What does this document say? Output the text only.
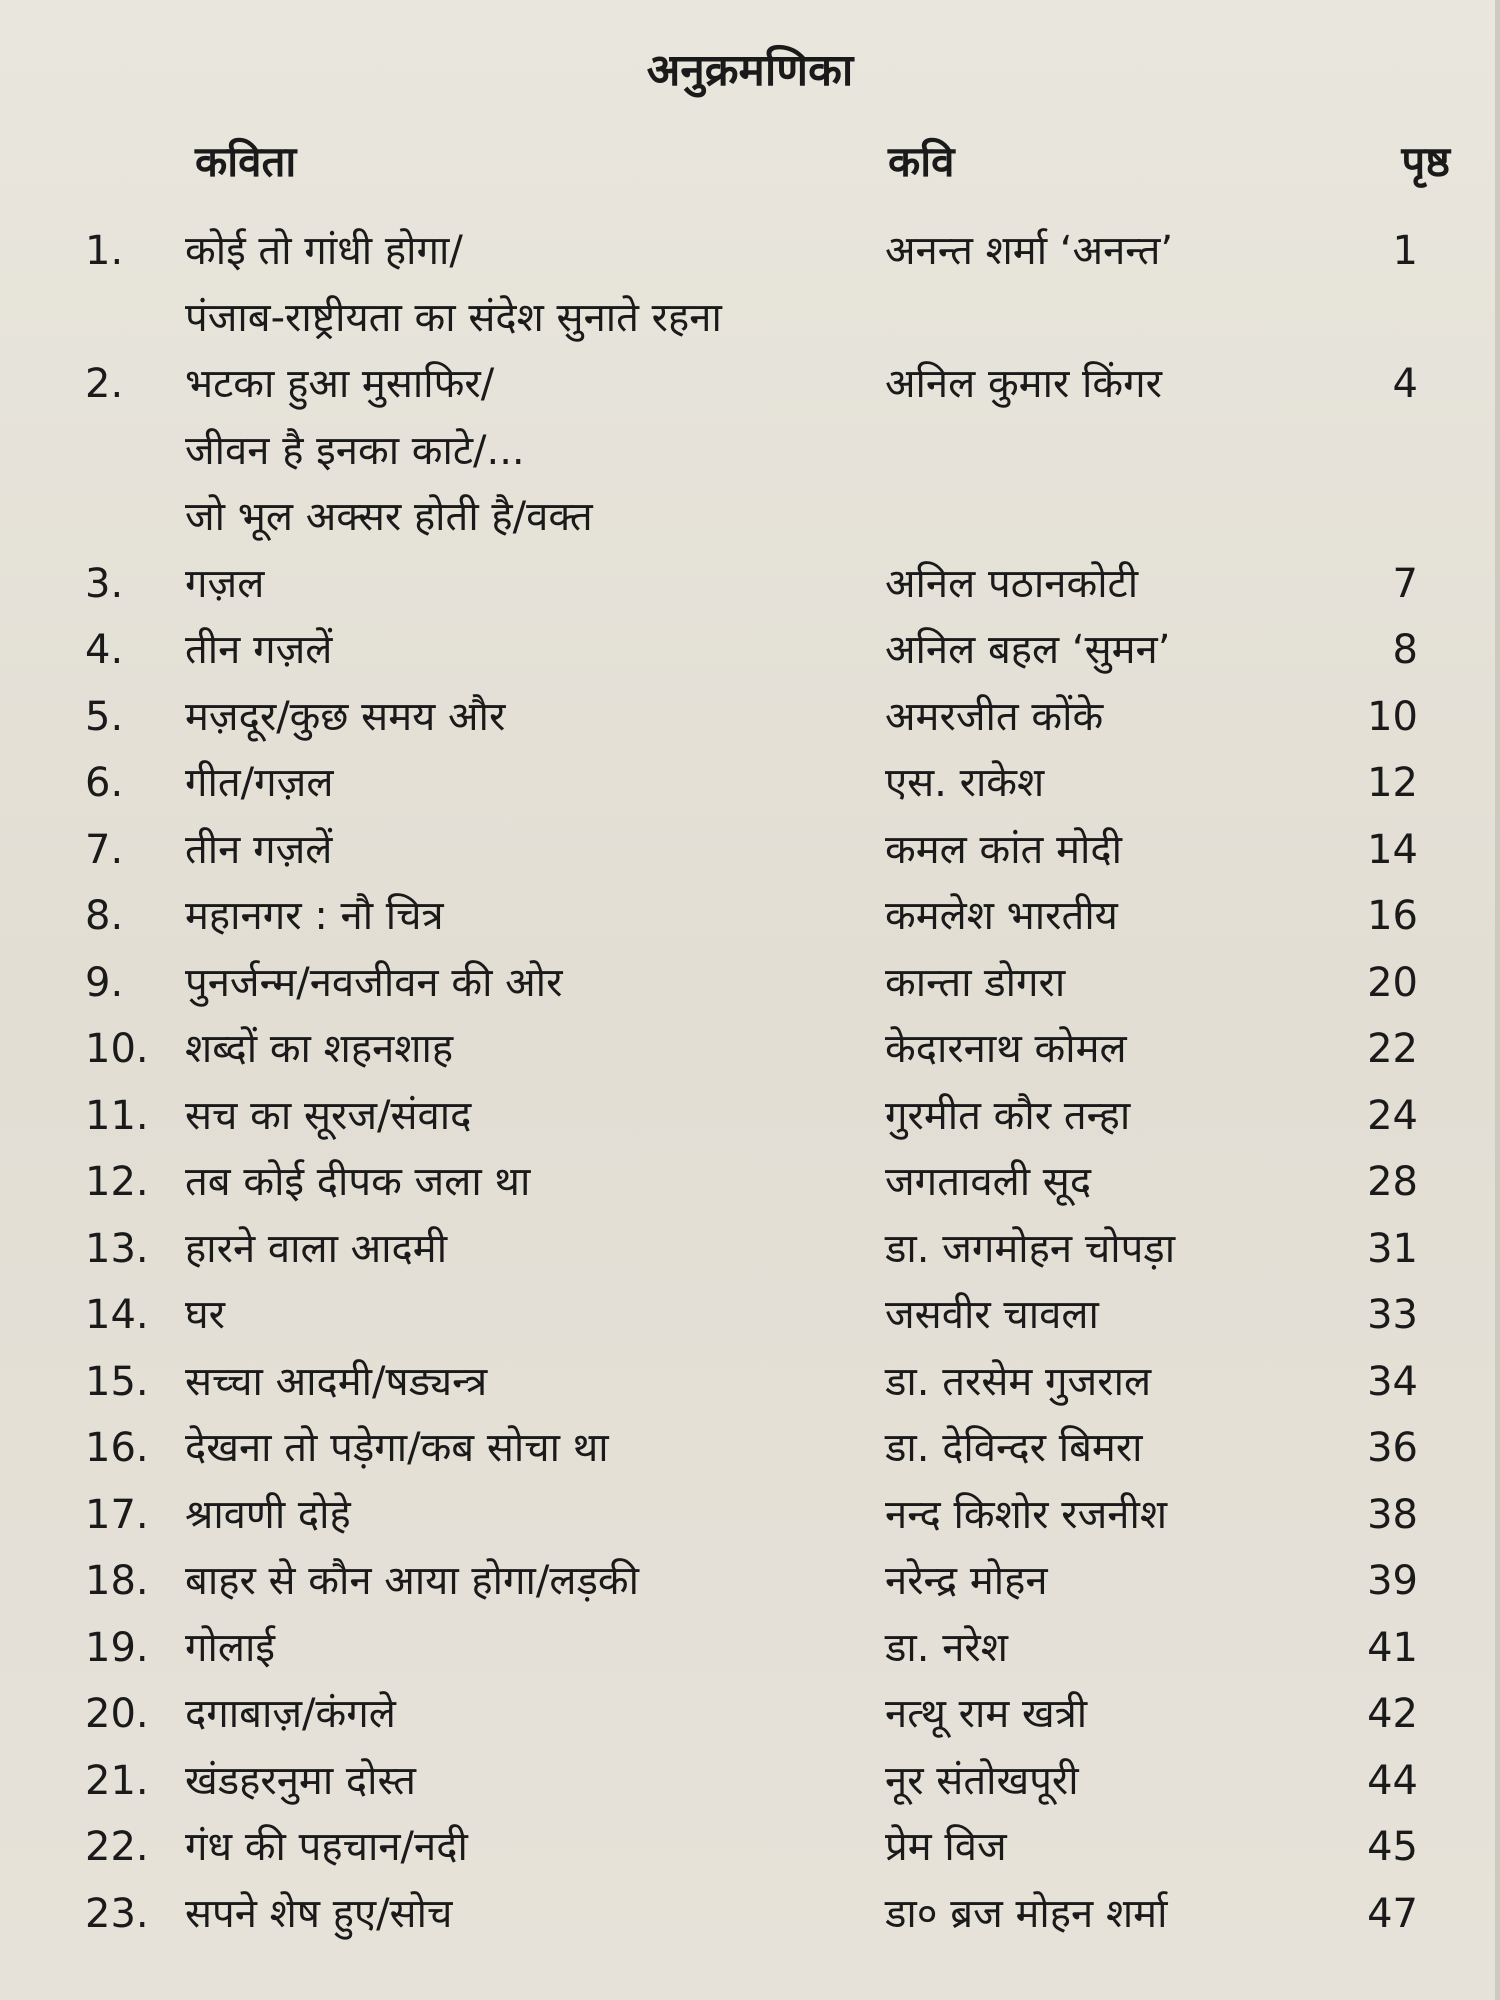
अनुक्रमणिका
कविता	कवि	पृष्ठ
1.	कोई तो गांधी होगा/	अनन्त शर्मा ‘अनन्त’	1
पंजाब-राष्ट्रीयता का संदेश सुनाते रहना
2.	भटका हुआ मुसाफिर/	अनिल कुमार किंगर	4
जीवन है इनका काटे/...
जो भूल अक्सर होती है/वक्त
3.	गज़ल	अनिल पठानकोटी	7
4.	तीन गज़लें	अनिल बहल ‘सुमन’	8
5.	मज़दूर/कुछ समय और	अमरजीत कोंके	10
6.	गीत/गज़ल	एस. राकेश	12
7.	तीन गज़लें	कमल कांत मोदी	14
8.	महानगर : नौ चित्र	कमलेश भारतीय	16
9.	पुनर्जन्म/नवजीवन की ओर	कान्ता डोगरा	20
10. शब्दों का शहनशाह	केदारनाथ कोमल	22
11. सच का सूरज/संवाद	गुरमीत कौर तन्हा	24
12. तब कोई दीपक जला था	जगतावली सूद	28
13. हारने वाला आदमी	डा. जगमोहन चोपड़ा	31
14. घर	जसवीर चावला	33
15. सच्चा आदमी/षड्यन्त्र	डा. तरसेम गुजराल	34
16. देखना तो पड़ेगा/कब सोचा था	डा. देविन्दर बिमरा	36
17. श्रावणी दोहे	नन्द किशोर रजनीश	38
18. बाहर से कौन आया होगा/लड़की	नरेन्द्र मोहन	39
19. गोलाई	डा. नरेश	41
20. दगाबाज़/कंगले	नत्थू राम खत्री	42
21. खंडहरनुमा दोस्त	नूर संतोखपूरी	44
22. गंध की पहचान/नदी	प्रेम विज	45
23. सपने शेष हुए/सोच	डा० ब्रज मोहन शर्मा	47
